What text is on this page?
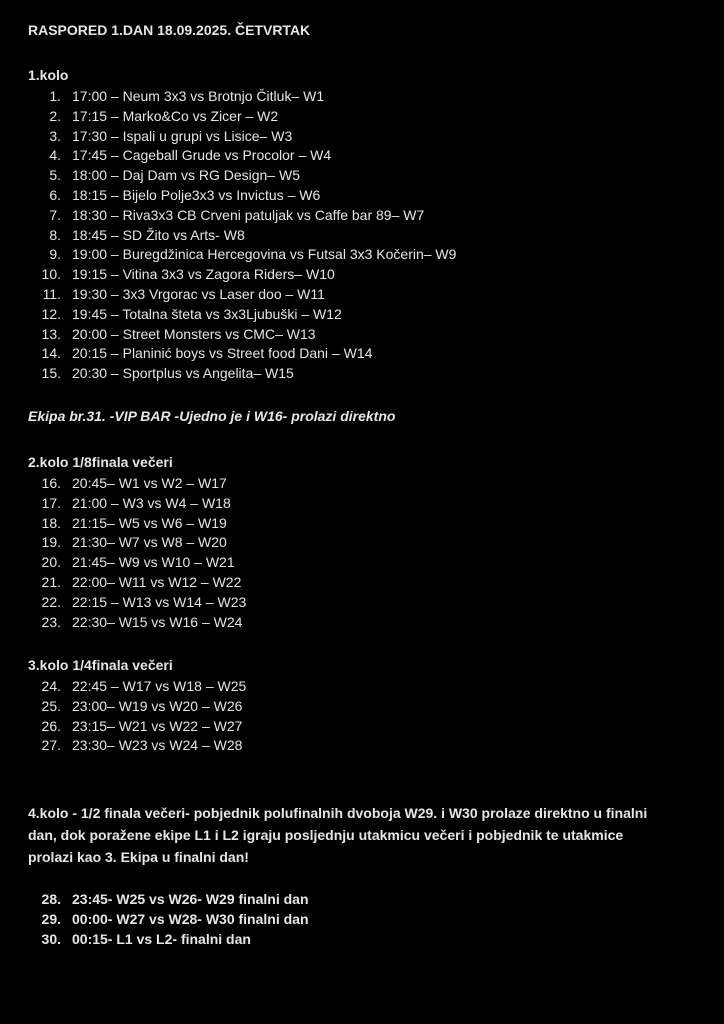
RASPORED 1.DAN 18.09.2025. ČETVRTAK
1.kolo
1. 17:00 – Neum 3x3 vs Brotnjo Čitluk– W1
2. 17:15 – Marko&Co vs Zicer – W2
3. 17:30 – Ispali u grupi vs Lisice– W3
4. 17:45 – Cageball Grude vs Procolor – W4
5. 18:00 – Daj Dam vs RG Design– W5
6. 18:15 – Bijelo Polje3x3 vs Invictus – W6
7. 18:30 – Riva3x3 CB Crveni patuljak vs Caffe bar 89– W7
8. 18:45 – SD Žito vs Arts- W8
9. 19:00 – Buregdžinica Hercegovina vs Futsal 3x3 Kočerin– W9
10. 19:15 – Vitina 3x3 vs Zagora Riders– W10
11. 19:30 – 3x3 Vrgorac vs Laser doo – W11
12. 19:45 – Totalna šteta vs 3x3Ljubuški – W12
13. 20:00 – Street Monsters vs CMC– W13
14. 20:15 – Planinić boys vs Street food Dani – W14
15. 20:30 – Sportplus vs Angelita– W15
Ekipa br.31. -VIP BAR -Ujedno je i W16- prolazi direktno
2.kolo 1/8finala večeri
16. 20:45– W1 vs W2 – W17
17. 21:00 – W3 vs W4 – W18
18. 21:15– W5 vs W6 – W19
19. 21:30– W7 vs W8 – W20
20. 21:45– W9 vs W10 – W21
21. 22:00– W11 vs W12 – W22
22. 22:15 – W13 vs W14 – W23
23. 22:30– W15 vs W16 – W24
3.kolo 1/4finala večeri
24. 22:45 – W17 vs W18 – W25
25. 23:00– W19 vs W20 – W26
26. 23:15– W21 vs W22 – W27
27. 23:30– W23 vs W24 – W28
4.kolo - 1/2 finala večeri- pobjednik polufinalnih dvoboja W29. i W30 prolaze direktno u finalni dan, dok poražene ekipe L1 i L2 igraju posljednju utakmicu večeri i pobjednik te utakmice prolazi kao 3. Ekipa u finalni dan!
28. 23:45- W25 vs W26- W29 finalni dan
29. 00:00- W27 vs W28- W30 finalni dan
30. 00:15- L1 vs L2- finalni dan
